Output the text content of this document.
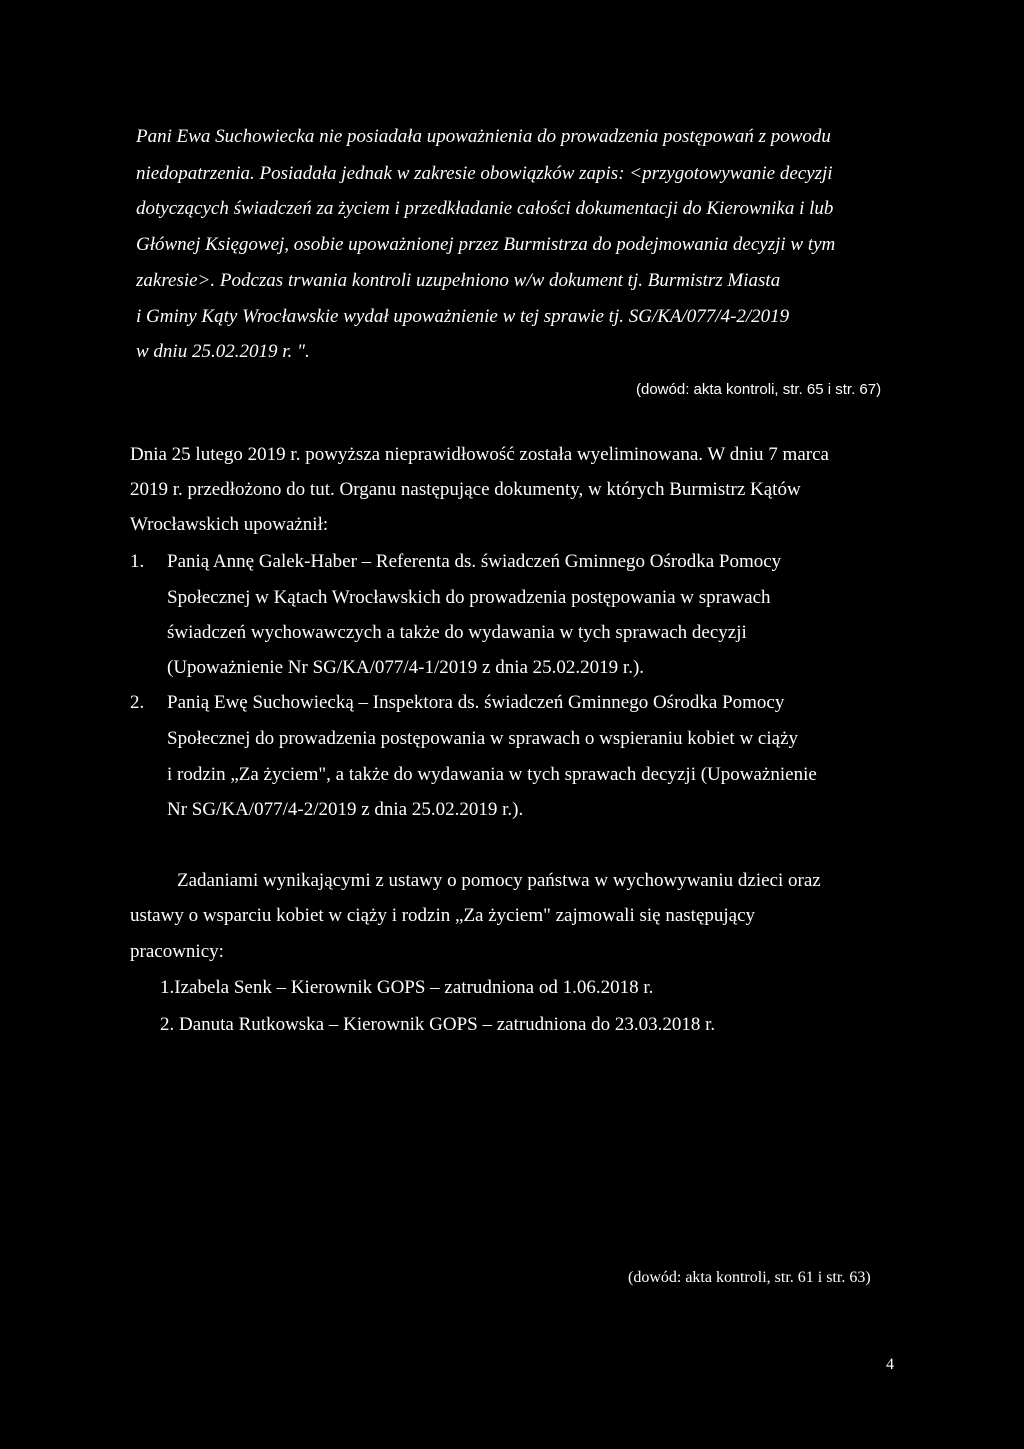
Pani Ewa Suchowiecka nie posiadała upoważnienia do prowadzenia postępowań z powodu
niedopatrzenia. Posiadała jednak w zakresie obowiązków zapis: <przygotowywanie decyzji
dotyczących świadczeń za życiem i przedkładanie całości dokumentacji do Kierownika i lub
Głównej Księgowej, osobie upoważnionej przez Burmistrza do podejmowania decyzji w tym
zakresie>. Podczas trwania kontroli uzupełniono w/w dokument tj. Burmistrz Miasta
i Gminy Kąty Wrocławskie wydał upoważnienie w tej sprawie tj. SG/KA/077/4-2/2019
w dniu 25.02.2019 r. ".
(dowód: akta kontroli, str. 65 i str. 67)
Dnia 25 lutego 2019 r. powyższa nieprawidłowość została wyeliminowana. W dniu 7 marca
2019 r. przedłożono do tut. Organu następujące dokumenty, w których Burmistrz Kątów
Wrocławskich upoważnił:
1. Panią Annę Galek-Haber – Referenta ds. świadczeń Gminnego Ośrodka Pomocy
Społecznej w Kątach Wrocławskich do prowadzenia postępowania w sprawach
świadczeń wychowawczych a także do wydawania w tych sprawach decyzji
(Upoważnienie Nr SG/KA/077/4-1/2019 z dnia 25.02.2019 r.).
2. Panią Ewę Suchowiecką – Inspektora ds. świadczeń Gminnego Ośrodka Pomocy
Społecznej do prowadzenia postępowania w sprawach o wspieraniu kobiet w ciąży
i rodzin „Za życiem", a także do wydawania w tych sprawach decyzji (Upoważnienie
Nr SG/KA/077/4-2/2019 z dnia 25.02.2019 r.).
Zadaniami wynikającymi z ustawy o pomocy państwa w wychowywaniu dzieci oraz
ustawy o wsparciu kobiet w ciąży i rodzin „Za życiem" zajmowali się następujący
pracownicy:
1.Izabela Senk – Kierownik GOPS – zatrudniona od 1.06.2018 r.
2. Danuta Rutkowska – Kierownik GOPS – zatrudniona do 23.03.2018 r.
(dowód: akta kontroli, str. 61 i str. 63)
4
